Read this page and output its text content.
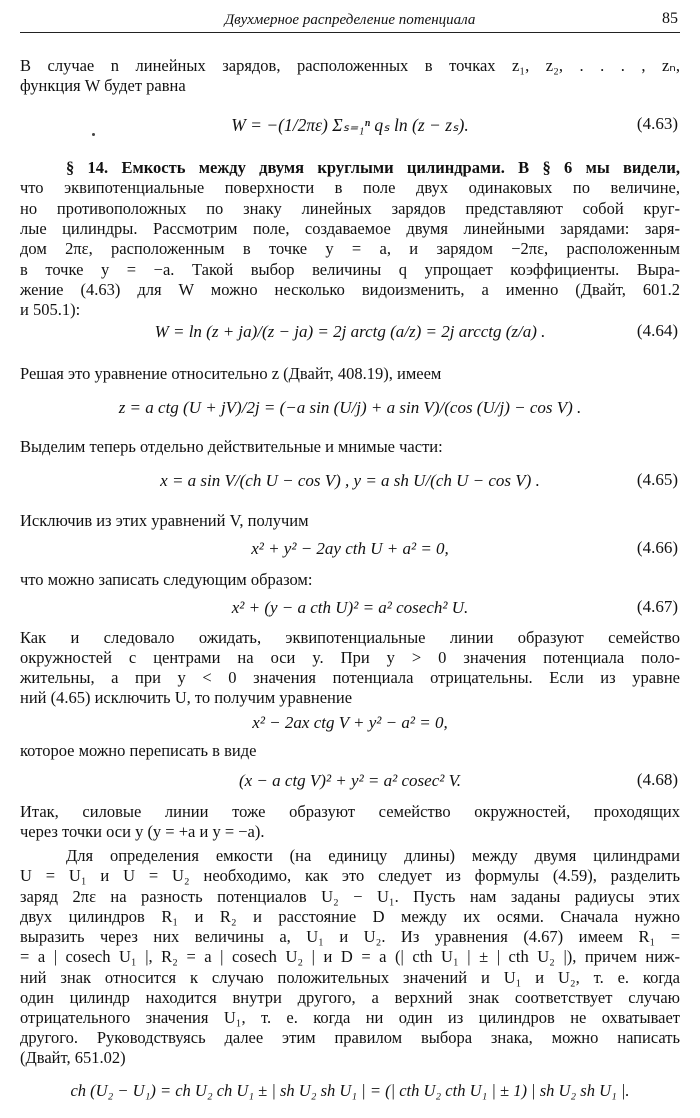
Двухмерное распределение потенциала	85
В случае n линейных зарядов, расположенных в точках z₁, z₂, . . . , zₙ,
функция W будет равна
W = −(1/2πε) Σₛ₌₁ⁿ qₛ ln (z − zₛ).	(4.63)
§ 14. Емкость между двумя круглыми цилиндрами. В § 6 мы видели,
что эквипотенциальные поверхности в поле двух одинаковых по величине,
но противоположных по знаку линейных зарядов представляют собой круг-
лые цилиндры. Рассмотрим поле, создаваемое двумя линейными зарядами: заря-
дом 2πε, расположенным в точке y = a, и зарядом −2πε, расположенным
в точке y = −a. Такой выбор величины q упрощает коэффициенты. Выра-
жение (4.63) для W можно несколько видоизменить, а именно (Двайт, 601.2
и 505.1):
W = ln (z + ja)/(z − ja) = 2j arctg (a/z) = 2j arcctg (z/a) .	(4.64)
Решая это уравнение относительно z (Двайт, 408.19), имеем
z = a ctg (U + jV)/2j = (−a sin (U/j) + a sin V)/(cos (U/j) − cos V) .
Выделим теперь отдельно действительные и мнимые части:
x = a sin V/(ch U − cos V) , y = a sh U/(ch U − cos V) .	(4.65)
Исключив из этих уравнений V, получим
x² + y² − 2ay cth U + a² = 0,	(4.66)
что можно записать следующим образом:
x² + (y − a cth U)² = a² cosech² U.	(4.67)
Как и следовало ожидать, эквипотенциальные линии образуют семейство
окружностей с центрами на оси y. При y > 0 значения потенциала поло-
жительны, а при y < 0 значения потенциала отрицательны. Если из уравне
ний (4.65) исключить U, то получим уравнение
x² − 2ax ctg V + y² − a² = 0,
которое можно переписать в виде
(x − a ctg V)² + y² = a² cosec² V.	(4.68)
Итак, силовые линии тоже образуют семейство окружностей, проходящих
через точки оси y (y = +a и y = −a).
Для определения емкости (на единицу длины) между двумя цилиндрами
U = U₁ и U = U₂ необходимо, как это следует из формулы (4.59), разделить
заряд 2πε на разность потенциалов U₂ − U₁. Пусть нам заданы радиусы этих
двух цилиндров R₁ и R₂ и расстояние D между их осями. Сначала нужно
выразить через них величины a, U₁ и U₂. Из уравнения (4.67) имеем R₁ =
= a | cosech U₁ |, R₂ = a | cosech U₂ | и D = a (| cth U₁ | ± | cth U₂ |), причем ниж-
ний знак относится к случаю положительных значений и U₁ и U₂, т. е. когда
один цилиндр находится внутри другого, а верхний знак соответствует случаю
отрицательного значения U₁, т. е. когда ни один из цилиндров не охватывает
другого. Руководствуясь далее этим правилом выбора знака, можно написать
(Двайт, 651.02)
ch (U₂ − U₁) = ch U₂ ch U₁ ± | sh U₂ sh U₁ | = (| cth U₂ cth U₁ | ± 1) | sh U₂ sh U₁ |.
